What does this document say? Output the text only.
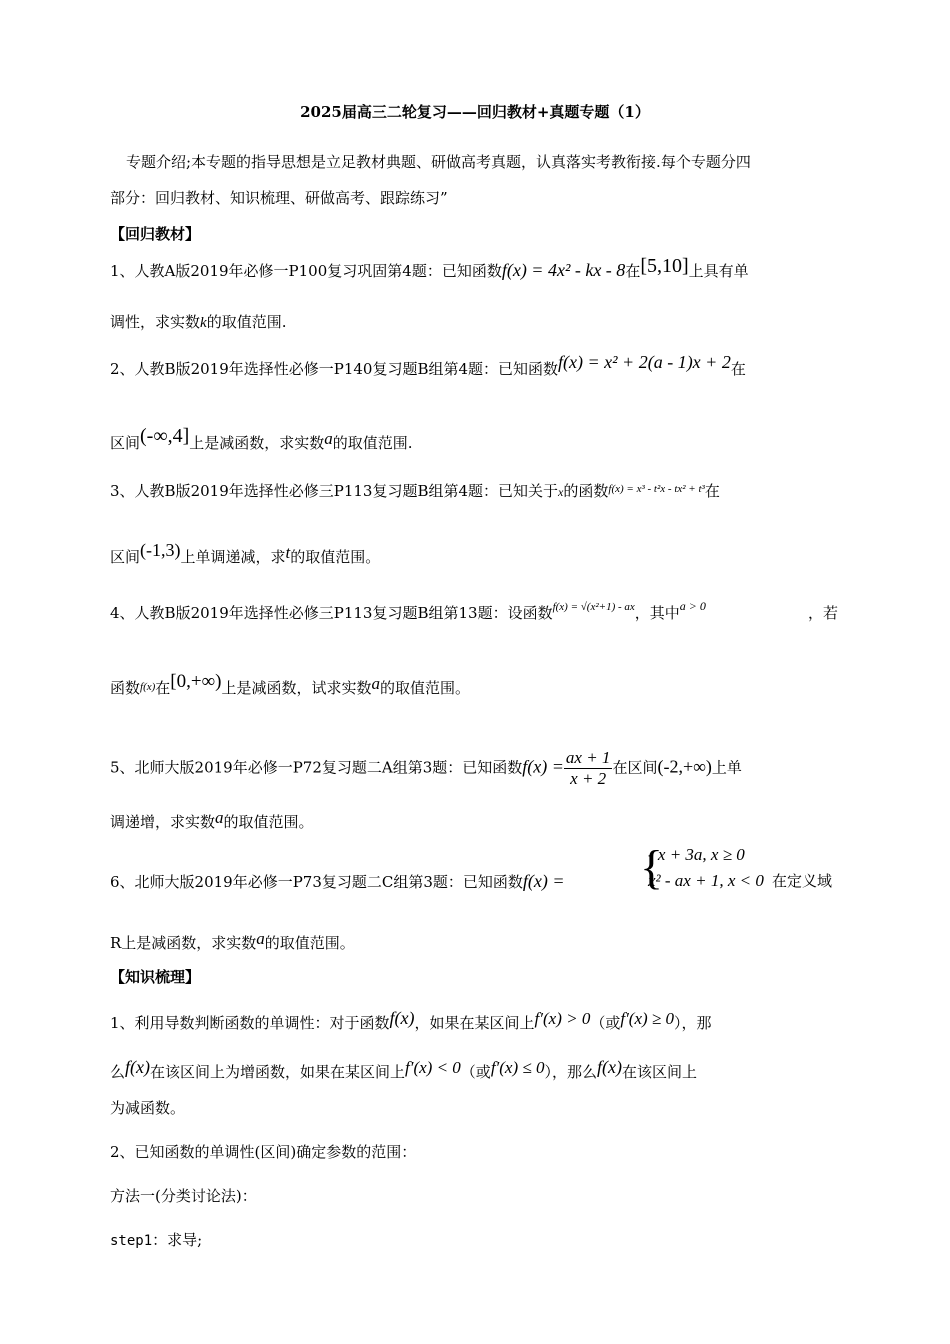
2025届高三二轮复习——回归教材+真题专题（1）
专题介绍;本专题的指导思想是立足教材典题、研做高考真题，认真落实考教衔接.每个专题分四
部分：回归教材、知识梳理、研做高考、跟踪练习”
【回归教材】
1、人教A版2019年必修一P100复习巩固第4题：已知函数f(x) = 4x² - kx - 8在[5,10]上具有单
调性，求实数k的取值范围.
2、人教B版2019年选择性必修一P140复习题B组第4题：已知函数f(x) = x² + 2(a - 1)x + 2在
区间(-∞,4]上是减函数，求实数a的取值范围.
3、人教B版2019年选择性必修三P113复习题B组第4题：已知关于x的函数$^{f(x) = x^3 - t^2x - tx^2 + t^3}$在
区间(-1,3)上单调递减，求t的取值范围。
4、人教B版2019年选择性必修三P113复习题B组第13题：设函数$^{f(x) = √(x^2+1) - ax}$，其中$^{a > 0}$	，若
函数$^{f(x)}$在[0,+∞)上是减函数，试求实数a的取值范围。
5、北师大版2019年必修一P72复习题二A组第3题：已知函数$f(x) = \frac{ax + 1}{x + 2}$ 在区间(-2,+∞)上单
调递增，求实数a的取值范围。
6、北师大版2019年必修一P73复习题二C组第3题：已知函数f(x) = {
- x + 3a, x ≥ 0
x² - ax + 1, x < 0 在定义域
R上是减函数，求实数a的取值范围。
【知识梳理】
1、利用导数判断函数的单调性：对于函数f(x)，如果在某区间上f′(x) > 0（或f′(x) ≥ 0），那
么f(x)在该区间上为增函数，如果在某区间上f′(x) < 0（或f′(x) ≤ 0），那么f(x)在该区间上
为减函数。
2、已知函数的单调性(区间)确定参数的范围：
方法一(分类讨论法)：
step1：求导;
